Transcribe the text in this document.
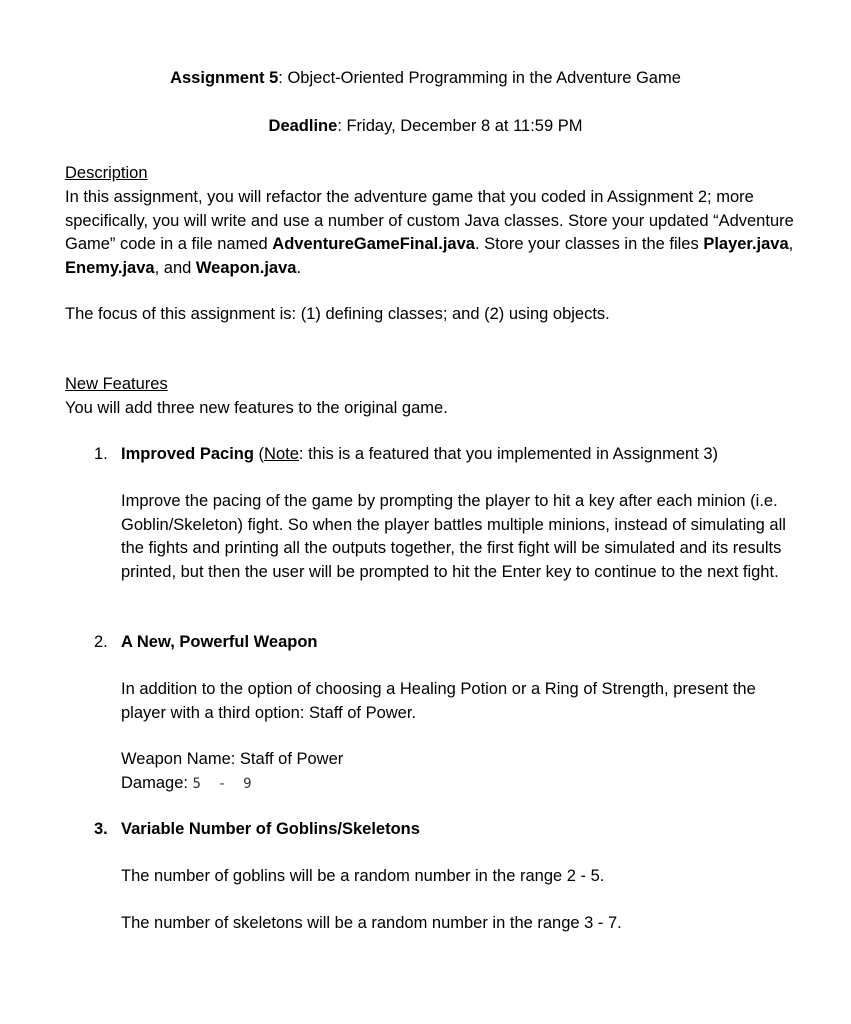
Assignment 5: Object-Oriented Programming in the Adventure Game
Deadline: Friday, December 8 at 11:59 PM
Description
In this assignment, you will refactor the adventure game that you coded in Assignment 2; more specifically, you will write and use a number of custom Java classes. Store your updated “Adventure Game” code in a file named AdventureGameFinal.java. Store your classes in the files Player.java, Enemy.java, and Weapon.java.
The focus of this assignment is: (1) defining classes; and (2) using objects.
New Features
You will add three new features to the original game.
1. Improved Pacing (Note: this is a featured that you implemented in Assignment 3)
Improve the pacing of the game by prompting the player to hit a key after each minion (i.e. Goblin/Skeleton) fight. So when the player battles multiple minions, instead of simulating all the fights and printing all the outputs together, the first fight will be simulated and its results printed, but then the user will be prompted to hit the Enter key to continue to the next fight.
2. A New, Powerful Weapon
In addition to the option of choosing a Healing Potion or a Ring of Strength, present the player with a third option: Staff of Power.
Weapon Name: Staff of Power
Damage: 5  -  9
3. Variable Number of Goblins/Skeletons
The number of goblins will be a random number in the range 2 - 5.
The number of skeletons will be a random number in the range 3 - 7.
